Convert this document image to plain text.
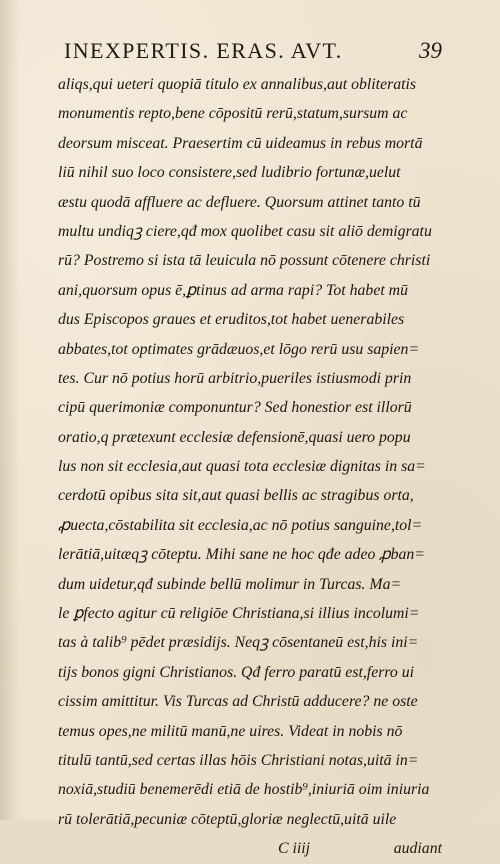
INEXPERTIS. ERAS. AVT.	39
aliqs,qui ueteri quopiā titulo ex annalibus,aut obliteratis
monumentis repto,bene cōpositū rerū,statum,sursum ac
deorsum misceat. Praesertim cū uideamus in rebus mortā
liū nihil suo loco consistere,sed ludibrio fortunæ,uelut
æstu quodā affluere ac defluere. Quorsum attinet tanto tū
multu undiqꝫ ciere,qđ mox quolibet casu sit aliō demigratu
rū? Postremo si ista tā leuicula nō possunt cōtenere christi
ani,quorsum opus ē,ꝑtinus ad arma rapi? Tot habet mū
dus Episcopos graues et eruditos,tot habet uenerabiles
abbates,tot optimates grādæuos,et lōgo rerū usu sapien=
tes. Cur nō potius horū arbitrio,pueriles istiusmodi prin
cipū querimoniæ componuntur? Sed honestior est illorū
oratio,q prætexunt ecclesiæ defensionē,quasi uero popu
lus non sit ecclesia,aut quasi tota ecclesiæ dignitas in sa=
cerdotū opibus sita sit,aut quasi bellis ac stragibus orta,
ꝓuecta,cōstabilita sit ecclesia,ac nō potius sanguine,tol=
lerātiā,uitæqꝫ cōteptu. Mihi sane ne hoc qđe adeo ꝓban=
dum uidetur,qđ subinde bellū molimur in Turcas. Ma=
le ꝑfecto agitur cū religiōe Christiana,si illius incolumi=
tas à talib⁹ pēdet præsidijs. Neqꝫ cōsentaneū est,his ini=
tijs bonos gigni Christianos. Qđ ferro paratū est,ferro ui
cissim amittitur. Vis Turcas ad Christū adducere? ne oste
temus opes,ne militū manū,ne uires. Videat in nobis nō
titulū tantū,sed certas illas hōis Christiani notas,uitā in=
noxiā,studiū benemerēdi etiā de hostib⁹,iniuriā oim iniuria
rū tolerātiā,pecuniæ cōteptū,gloriæ neglectū,uitā uile
C iiij	audiant
